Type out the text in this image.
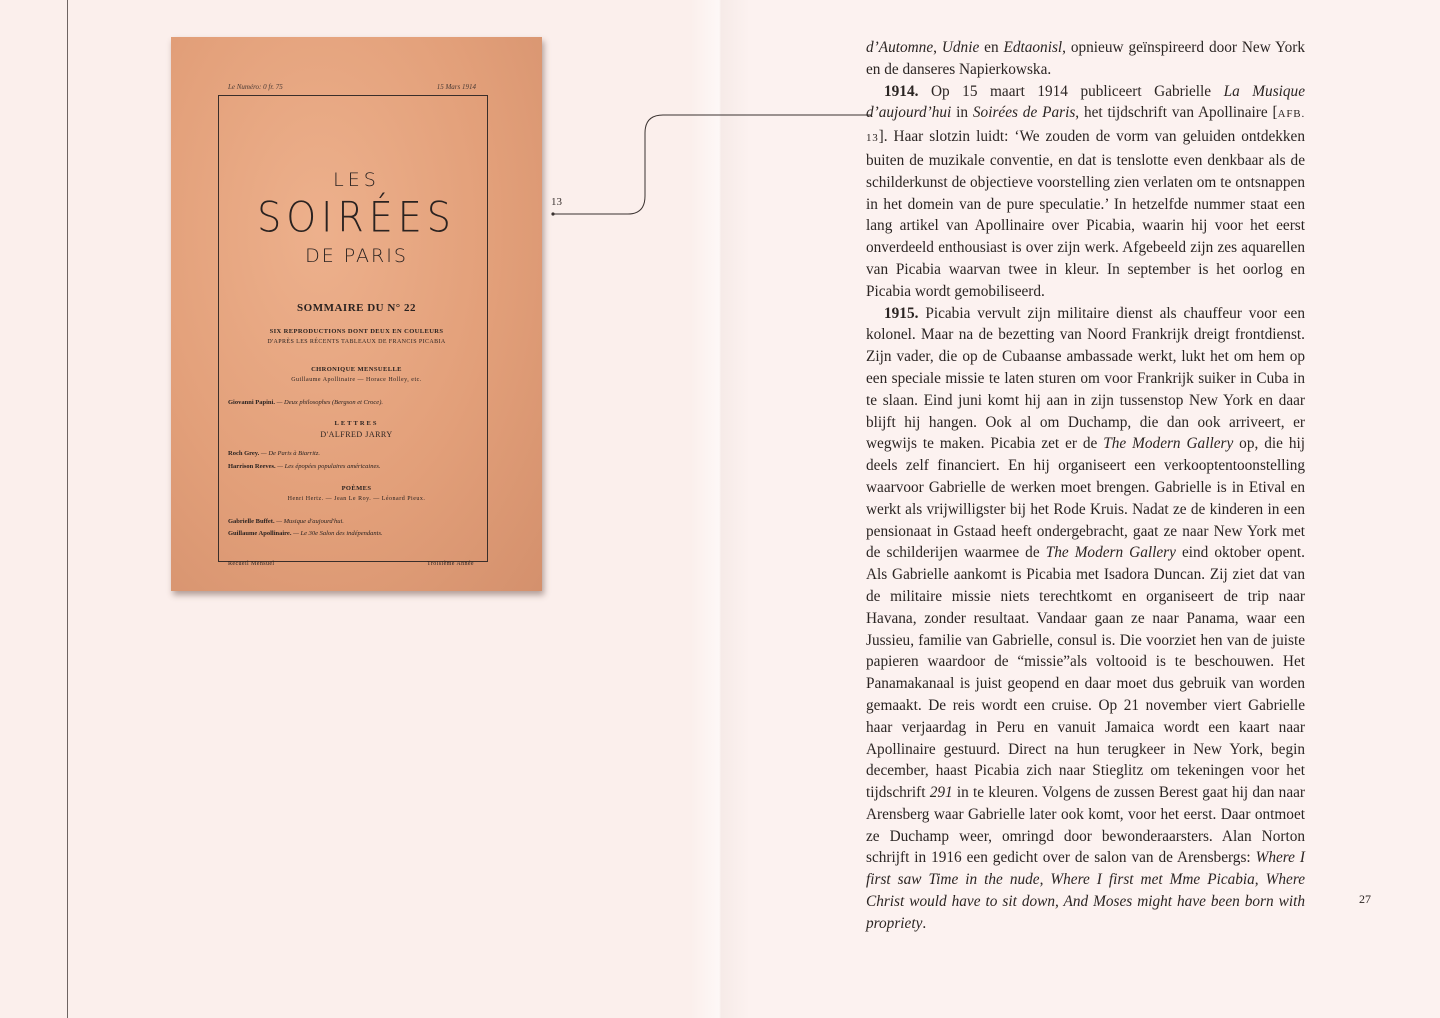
Le Numéro: 0 fr. 75	15 Mars 1914
LES
SOIRÉES
DE PARIS
SOMMAIRE DU N° 22
SIX REPRODUCTIONS DONT DEUX EN COULEURS
D'APRÈS LES RÉCENTS TABLEAUX DE FRANCIS PICABIA
CHRONIQUE MENSUELLE
Guillaume Apollinaire — Horace Holley, etc.
Giovanni Papini. — Deux philosophes (Bergson et Croce).
LETTRES
D'ALFRED JARRY
Roch Grey. — De Paris à Biarritz.
Harrison Reeves. — Les épopées populaires américaines.
POÈMES
Henri Hertz. — Jean Le Roy. — Léonard Pieux.
Gabrielle Buffet. — Musique d'aujourd'hui.
Guillaume Apollinaire. — Le 30e Salon des indépendants.
Recueil Mensuel	Troisième Année
13

d’Automne, Udnie en Edtaonisl, opnieuw geïnspireerd door New York en de danseres Napierkowska.

1914. Op 15 maart 1914 publiceert Gabrielle La Musique d’aujourd’hui in Soirées de Paris, het tijdschrift van Apollinaire [AFB. 13]. Haar slotzin luidt: ‘We zouden de vorm van geluiden ontdekken buiten de muzikale conventie, en dat is tenslotte even denkbaar als de schilderkunst de objectieve voorstelling zien verlaten om te ontsnappen in het domein van de pure speculatie.’ In hetzelfde nummer staat een lang artikel van Apollinaire over Picabia, waarin hij voor het eerst onverdeeld enthousiast is over zijn werk. Afgebeeld zijn zes aquarellen van Picabia waarvan twee in kleur. In september is het oorlog en Picabia wordt gemobiliseerd.

1915. Picabia vervult zijn militaire dienst als chauffeur voor een kolonel. Maar na de bezetting van Noord Frankrijk dreigt frontdienst. Zijn vader, die op de Cubaanse ambassade werkt, lukt het om hem op een speciale missie te laten sturen om voor Frankrijk suiker in Cuba in te slaan. Eind juni komt hij aan in zijn tussenstop New York en daar blijft hij hangen. Ook al om Duchamp, die dan ook arriveert, er wegwijs te maken. Picabia zet er de The Modern Gallery op, die hij deels zelf financiert. En hij organiseert een verkooptentoonstelling waarvoor Gabrielle de werken moet brengen. Gabrielle is in Etival en werkt als vrijwilligster bij het Rode Kruis. Nadat ze de kinderen in een pensionaat in Gstaad heeft ondergebracht, gaat ze naar New York met de schilderijen waarmee de The Modern Gallery eind oktober opent. Als Gabrielle aankomt is Picabia met Isadora Duncan. Zij ziet dat van de militaire missie niets terechtkomt en organiseert de trip naar Havana, zonder resultaat. Vandaar gaan ze naar Panama, waar een Jussieu, familie van Gabrielle, consul is. Die voorziet hen van de juiste papieren waardoor de “missie”als voltooid is te beschouwen. Het Panamakanaal is juist geopend en daar moet dus gebruik van worden gemaakt. De reis wordt een cruise. Op 21 november viert Gabrielle haar verjaardag in Peru en vanuit Jamaica wordt een kaart naar Apollinaire gestuurd. Direct na hun terugkeer in New York, begin december, haast Picabia zich naar Stieglitz om tekeningen voor het tijdschrift 291 in te kleuren. Volgens de zussen Berest gaat hij dan naar Arensberg waar Gabrielle later ook komt, voor het eerst. Daar ontmoet ze Duchamp weer, omringd door bewonderaarsters. Alan Norton schrijft in 1916 een gedicht over de salon van de Arensbergs: Where I first saw Time in the nude, Where I first met Mme Picabia, Where Christ would have to sit down, And Moses might have been born with propriety.

27
